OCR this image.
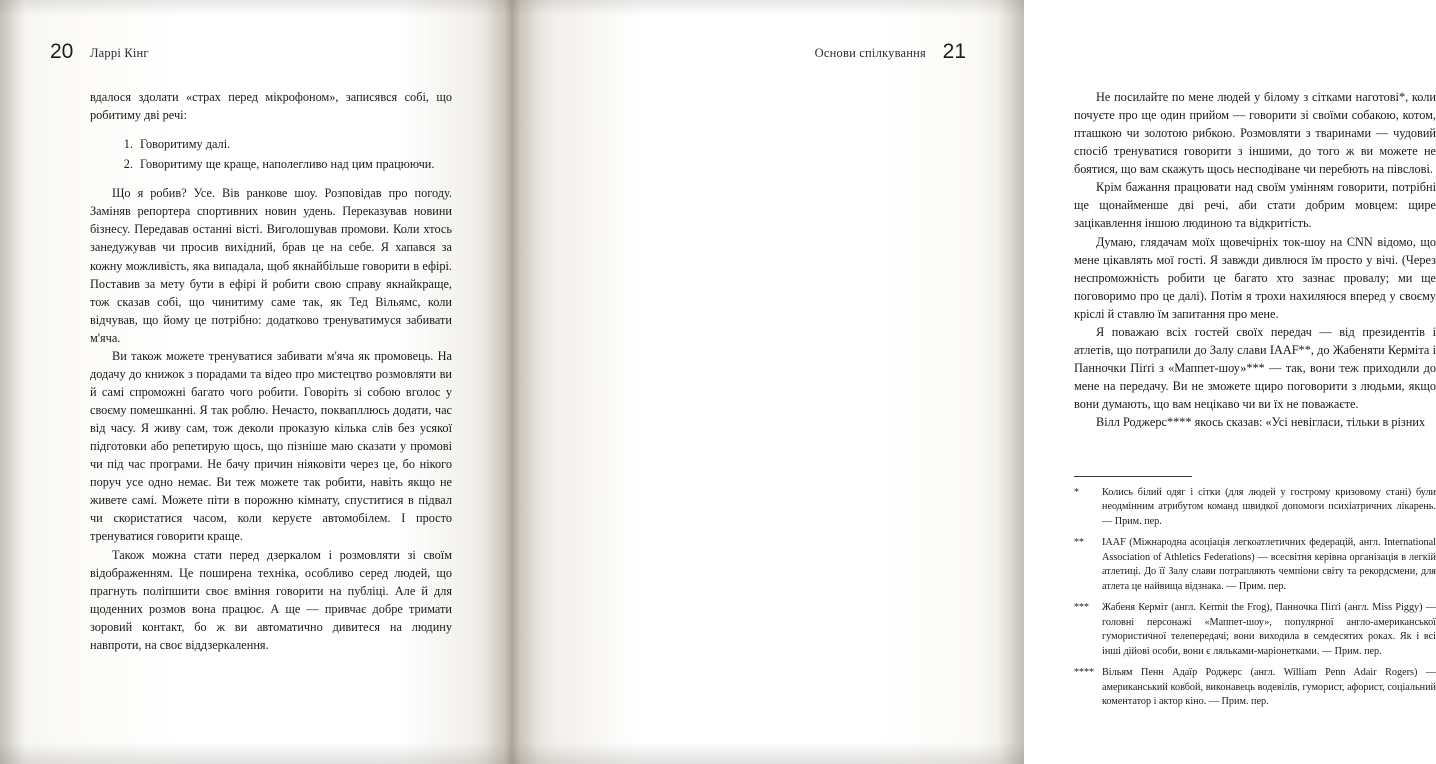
20 Ларрі Кінг

вдалося здолати «страх перед мікрофоном», записявся собі, що робитиму дві речі:

1. Говоритиму далі.
2. Говоритиму ще краще, наполегливо над цим працюючи.

Що я робив? Усе. Вів ранкове шоу. Розповідав про погоду. Заміняв репортера спортивних новин удень. Переказував новини бізнесу. Передавав останні вісті. Виголошував промови. Коли хтось занедужував чи просив вихідний, брав це на себе. Я хапався за кожну можливість, яка випадала, щоб якнайбільше говорити в ефірі. Поставив за мету бути в ефірі й робити свою справу якнайкраще, тож сказав собі, що чинитиму саме так, як Тед Вільямс, коли відчував, що йому це потрібно: додатково тренуватимуся забивати м'яча.

Ви також можете тренуватися забивати м'яча як промовець. На додачу до книжок з порадами та відео про мистецтво розмовляти ви й самі спроможні багато чого робити. Говоріть зі собою вголос у своєму помешканні. Я так роблю. Нечасто, поквапллюсь додати, час від часу. Я живу сам, тож деколи проказую кілька слів без усякої підготовки або репетирую щось, що пізніше маю сказати у промові чи під час програми. Не бачу причин ніяковіти через це, бо нікого поруч усе одно немає. Ви теж можете так робити, навіть якщо не живете самі. Можете піти в порожню кімнату, спуститися в підвал чи скористатися часом, коли керуєте автомобілем. І просто тренуватися говорити краще.

Також можна стати перед дзеркалом і розмовляти зі своїм відображенням. Це поширена техніка, особливо серед людей, що прагнуть поліпшити своє вміння говорити на публіці. Але й для щоденних розмов вона працює. А ще — привчає добре тримати зоровий контакт, бо ж ви автоматично дивитеся на людину навпроти, на своє віддзеркалення.

21
Основи спілкування

Не посилайте по мене людей у білому з сітками наготові*, коли почуєте про ще один прийом — говорити зі своїми собакою, котом, пташкою чи золотою рибкою. Розмовляти з тваринами — чудовий спосіб тренуватися говорити з іншими, до того ж ви можете не боятися, що вам скажуть щось несподіване чи перебють на півслові.

Крім бажання працювати над своїм умінням говорити, потрібні ще щонайменше дві речі, аби стати добрим мовцем: щире зацікавлення іншою людиною та відкритість.

Думаю, глядачам моїх щовечірніх ток-шоу на CNN відомо, що мене цікавлять мої гості. Я завжди дивлюся їм просто у вічі. (Через неспроможність робити це багато хто зазнає провалу; ми ще поговоримо про це далі). Потім я трохи нахиляюся вперед у своєму кріслі й ставлю їм запитання про мене.

Я поважаю всіх гостей своїх передач — від президентів і атлетів, що потрапили до Залу слави IAAF**, до Жабеняти Керміта і Панночки Піґґі з «Маппет-шоу»*** — так, вони теж приходили до мене на передачу. Ви не зможете щиро поговорити з людьми, якщо вони думають, що вам нецікаво чи ви їх не поважаєте.

Вілл Роджерс**** якось сказав: «Усі невігласи, тільки в різних

*	Колись білий одяг і сітки (для людей у гострому кризовому стані) були неодмінним атрибутом команд швидкої допомоги психіатричних лікарень. — Прим. пер.
**	IAAF (Міжнародна асоціація легкоатлетичних федерацій, англ. International Association of Athletics Federations) — всесвітня керівна організація в легкій атлетиці. До її Залу слави потрапляють чемпіони світу та рекордсмени, для атлета це найвища відзнака. — Прим. пер.
***	Жабеня Керміт (англ. Kermit the Frog), Панночка Піґґі (англ. Miss Piggy) — головні персонажі «Маппет-шоу», популярної англо-американської гумористичної телепередачі; вони виходила в семдесятих роках. Як і всі інші дійові особи, вони є ляльками-маріонетками. — Прим. пер.
**** Вільям Пенн Адаїр Роджерс (англ. William Penn Adair Rogers) — американський ковбой, виконавець водевілів, гуморист, афорист, соціальний коментатор і актор кіно. — Прим. пер.
